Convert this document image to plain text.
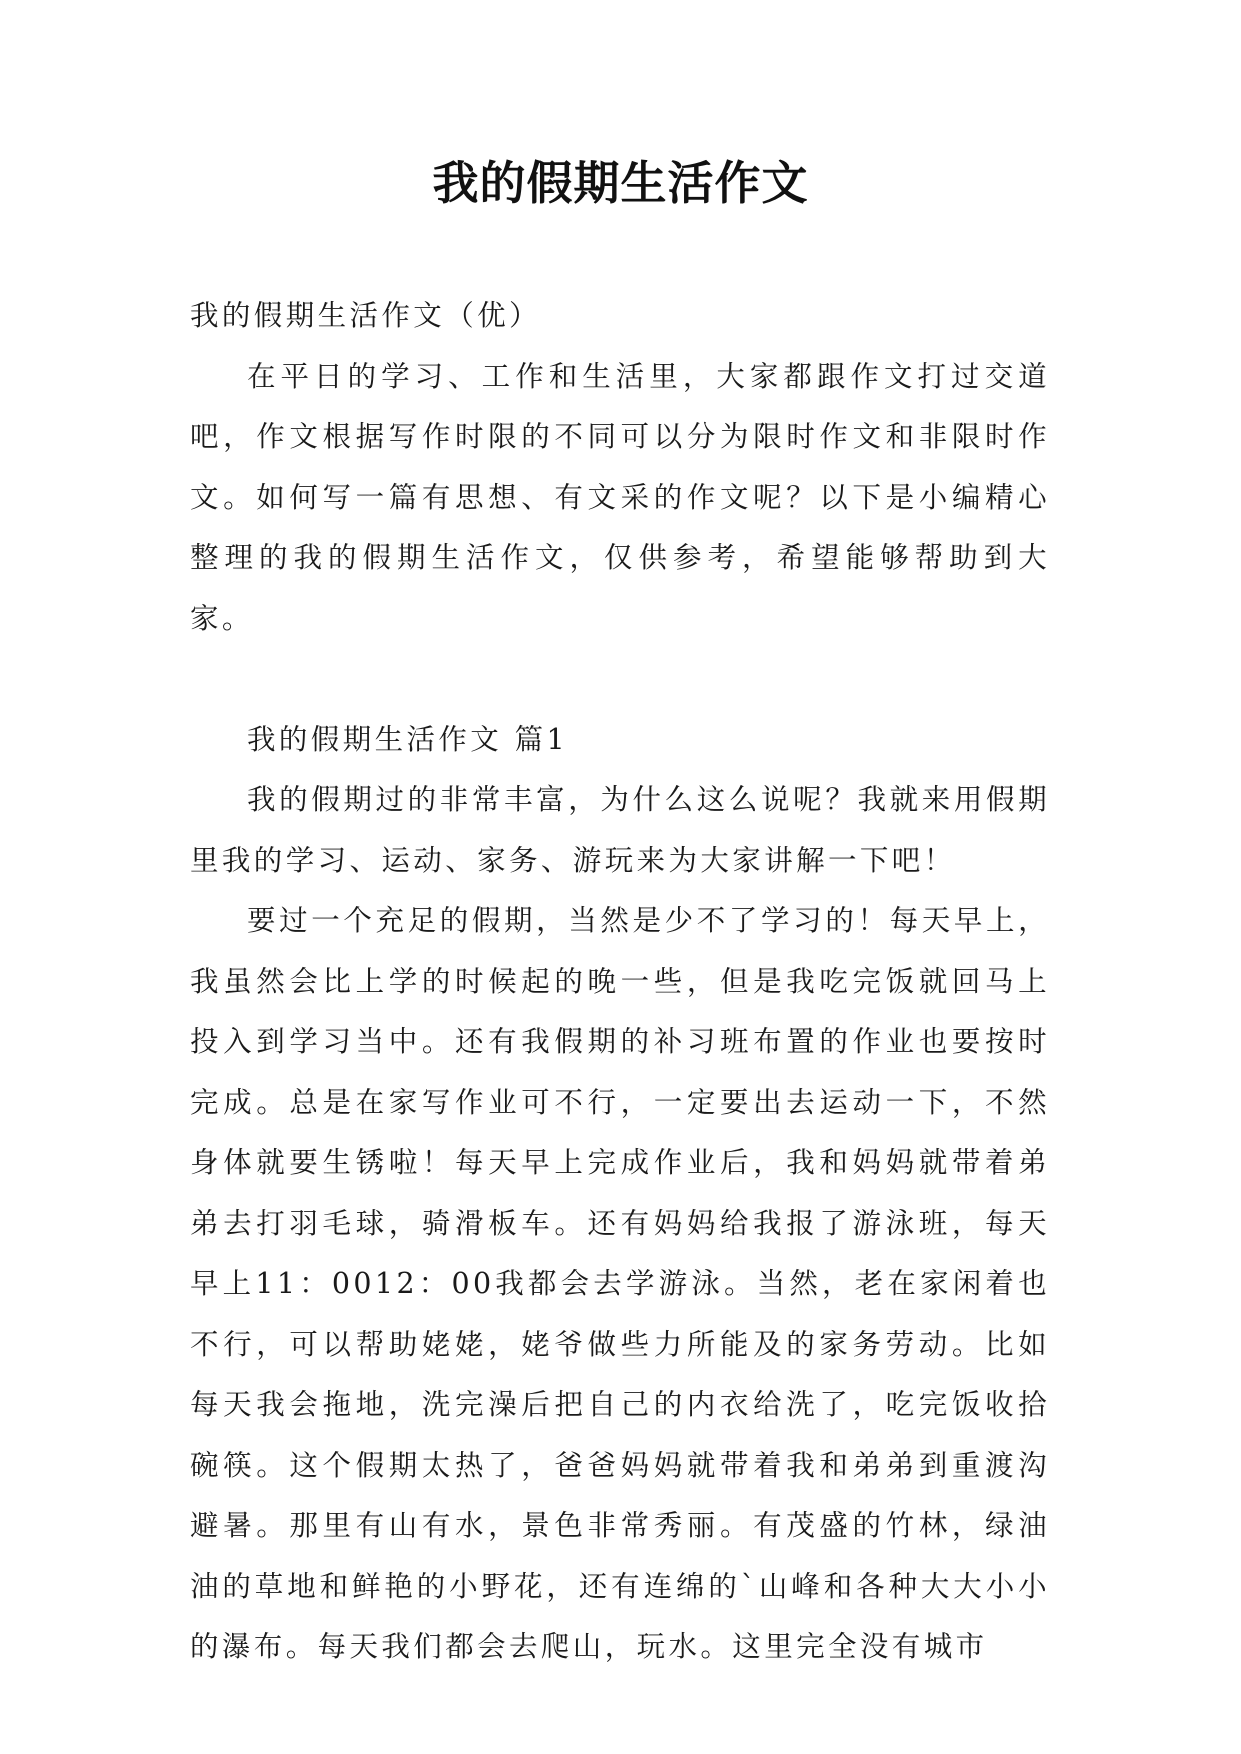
我的假期生活作文

我的假期生活作文（优）

在平日的学习、工作和生活里，大家都跟作文打过交道吧，作文根据写作时限的不同可以分为限时作文和非限时作文。如何写一篇有思想、有文采的作文呢？以下是小编精心整理的我的假期生活作文，仅供参考，希望能够帮助到大家。

我的假期生活作文 篇1

我的假期过的非常丰富，为什么这么说呢？我就来用假期里我的学习、运动、家务、游玩来为大家讲解一下吧！

要过一个充足的假期，当然是少不了学习的！每天早上，我虽然会比上学的时候起的晚一些，但是我吃完饭就回马上投入到学习当中。还有我假期的补习班布置的作业也要按时完成。总是在家写作业可不行，一定要出去运动一下，不然身体就要生锈啦！每天早上完成作业后，我和妈妈就带着弟弟去打羽毛球，骑滑板车。还有妈妈给我报了游泳班，每天早上11：0012：00我都会去学游泳。当然，老在家闲着也不行，可以帮助姥姥，姥爷做些力所能及的家务劳动。比如每天我会拖地，洗完澡后把自己的内衣给洗了，吃完饭收拾碗筷。这个假期太热了，爸爸妈妈就带着我和弟弟到重渡沟避暑。那里有山有水，景色非常秀丽。有茂盛的竹林，绿油油的草地和鲜艳的小野花，还有连绵的`山峰和各种大大小小的瀑布。每天我们都会去爬山，玩水。这里完全没有城市
